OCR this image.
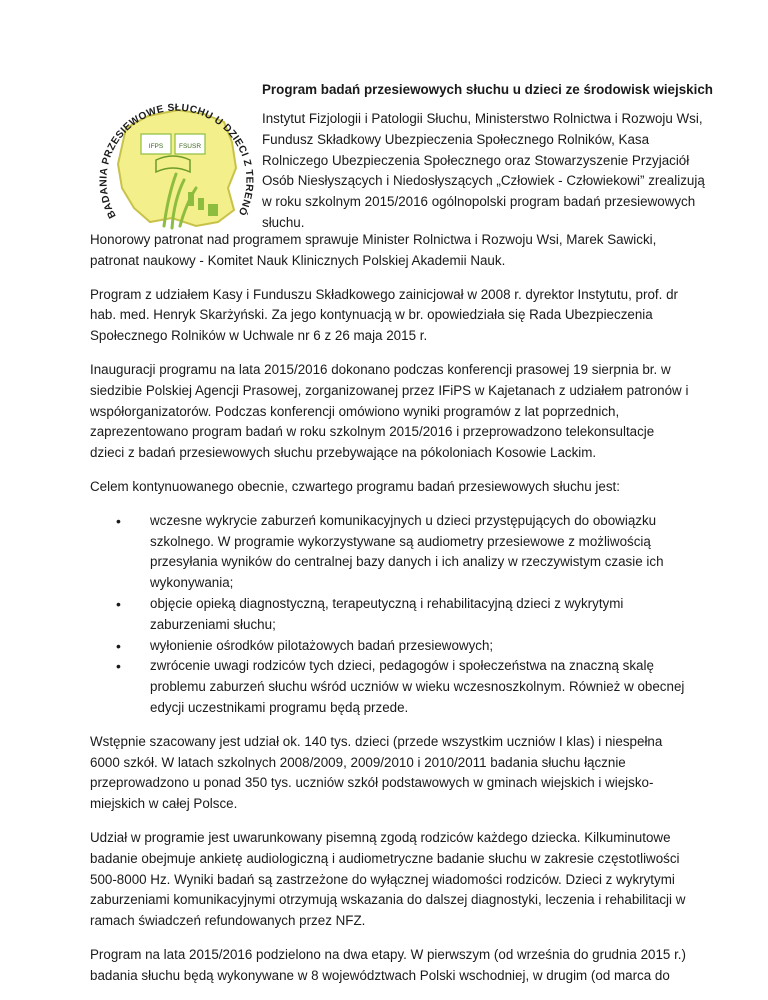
IFPS FSUSR
BADANIA PRZESIEWOWE SŁUCHU U DZIECI Z TERENÓ

Program badań przesiewowych słuchu u dzieci ze środowisk wiejskich

Instytut Fizjologii i Patologii Słuchu, Ministerstwo Rolnictwa i Rozwoju Wsi, Fundusz Składkowy Ubezpieczenia Społecznego Rolników, Kasa Rolniczego Ubezpieczenia Społecznego oraz Stowarzyszenie Przyjaciół Osób Niesłyszących i Niedosłyszących „Człowiek - Człowiekowi” zrealizują w roku szkolnym 2015/2016 ogólnopolski program badań przesiewowych słuchu.

Honorowy patronat nad programem sprawuje Minister Rolnictwa i Rozwoju Wsi, Marek Sawicki, patronat naukowy - Komitet Nauk Klinicznych Polskiej Akademii Nauk.

Program z udziałem Kasy i Funduszu Składkowego zainicjował w 2008 r. dyrektor Instytutu, prof. dr hab. med. Henryk Skarżyński. Za jego kontynuacją w br. opowiedziała się Rada Ubezpieczenia Społecznego Rolników w Uchwale nr 6 z 26 maja 2015 r.

Inauguracji programu na lata 2015/2016 dokonano podczas konferencji prasowej 19 sierpnia br. w siedzibie Polskiej Agencji Prasowej, zorganizowanej przez IFiPS w Kajetanach z udziałem patronów i współorganizatorów. Podczas konferencji omówiono wyniki programów z lat poprzednich, zaprezentowano program badań w roku szkolnym 2015/2016 i przeprowadzono telekonsultacje dzieci z badań przesiewowych słuchu przebywające na pókoloniach Kosowie Lackim.

Celem kontynuowanego obecnie, czwartego programu badań przesiewowych słuchu jest:

• wczesne wykrycie zaburzeń komunikacyjnych u dzieci przystępujących do obowiązku szkolnego. W programie wykorzystywane są audiometry przesiewowe z możliwością przesyłania wyników do centralnej bazy danych i ich analizy w rzeczywistym czasie ich wykonywania;
• objęcie opieką diagnostyczną, terapeutyczną i rehabilitacyjną dzieci z wykrytymi zaburzeniami słuchu;
• wyłonienie ośrodków pilotażowych badań przesiewowych;
• zwrócenie uwagi rodziców tych dzieci, pedagogów i społeczeństwa na znaczną skalę problemu zaburzeń słuchu wśród uczniów w wieku wczesnoszkolnym. Również w obecnej edycji uczestnikami programu będą przede.

Wstępnie szacowany jest udział ok. 140 tys. dzieci (przede wszystkim uczniów I klas) i niespełna 6000 szkół. W latach szkolnych 2008/2009, 2009/2010 i 2010/2011 badania słuchu łącznie przeprowadzono u ponad 350 tys. uczniów szkół podstawowych w gminach wiejskich i wiejsko-miejskich w całej Polsce.

Udział w programie jest uwarunkowany pisemną zgodą rodziców każdego dziecka. Kilkuminutowe badanie obejmuje ankietę audiologiczną i audiometryczne badanie słuchu w zakresie częstotliwości 500-8000 Hz. Wyniki badań są zastrzeżone do wyłącznej wiadomości rodziców. Dzieci z wykrytymi zaburzeniami komunikacyjnymi otrzymują wskazania do dalszej diagnostyki, leczenia i rehabilitacji w ramach świadczeń refundowanych przez NFZ.

Program na lata 2015/2016 podzielono na dwa etapy. W pierwszym (od września do grudnia 2015 r.) badania słuchu będą wykonywane w 8 województwach Polski wschodniej, w drugim (od marca do
